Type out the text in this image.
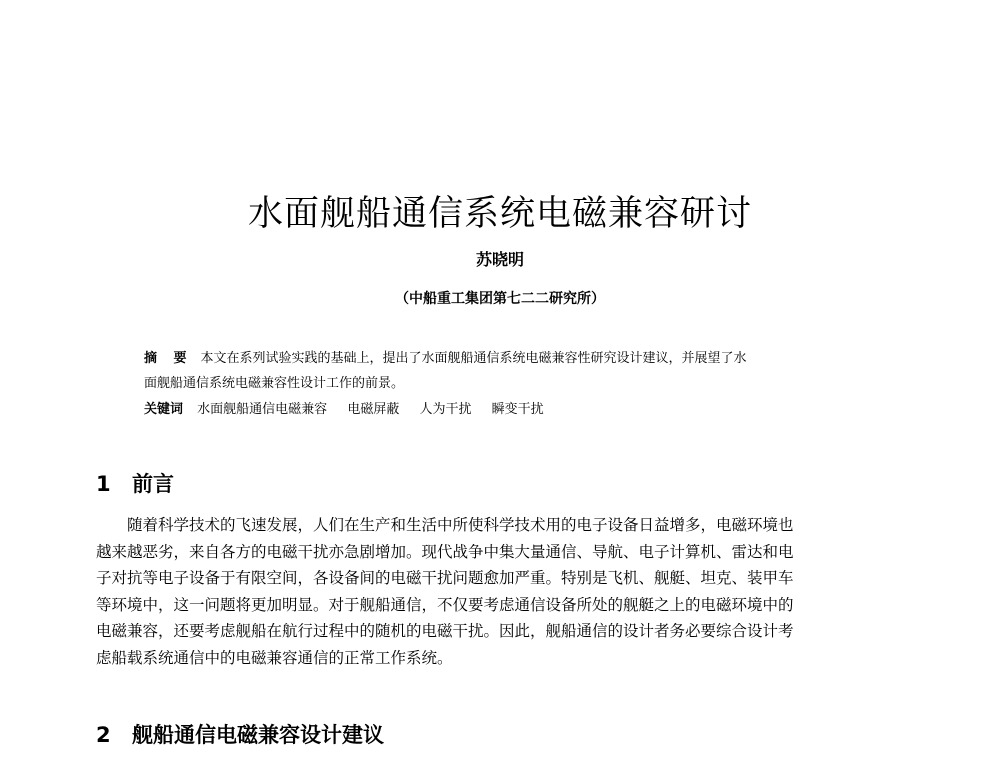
水面舰船通信系统电磁兼容研讨
苏晓明
（中船重工集团第七二二研究所）
摘 要 本文在系列试验实践的基础上，提出了水面舰船通信系统电磁兼容性研究设计建议，并展望了水
面舰船通信系统电磁兼容性设计工作的前景。
关键词 水面舰船通信电磁兼容 电磁屏蔽 人为干扰 瞬变干扰
1 前言
随着科学技术的飞速发展，人们在生产和生活中所使科学技术用的电子设备日益增多，电磁环境也
越来越恶劣，来自各方的电磁干扰亦急剧增加。现代战争中集大量通信、导航、电子计算机、雷达和电
子对抗等电子设备于有限空间，各设备间的电磁干扰问题愈加严重。特别是飞机、舰艇、坦克、装甲车
等环境中，这一问题将更加明显。对于舰船通信，不仅要考虑通信设备所处的舰艇之上的电磁环境中的
电磁兼容，还要考虑舰船在航行过程中的随机的电磁干扰。因此，舰船通信的设计者务必要综合设计考
虑船载系统通信中的电磁兼容通信的正常工作系统。
2 舰船通信电磁兼容设计建议
